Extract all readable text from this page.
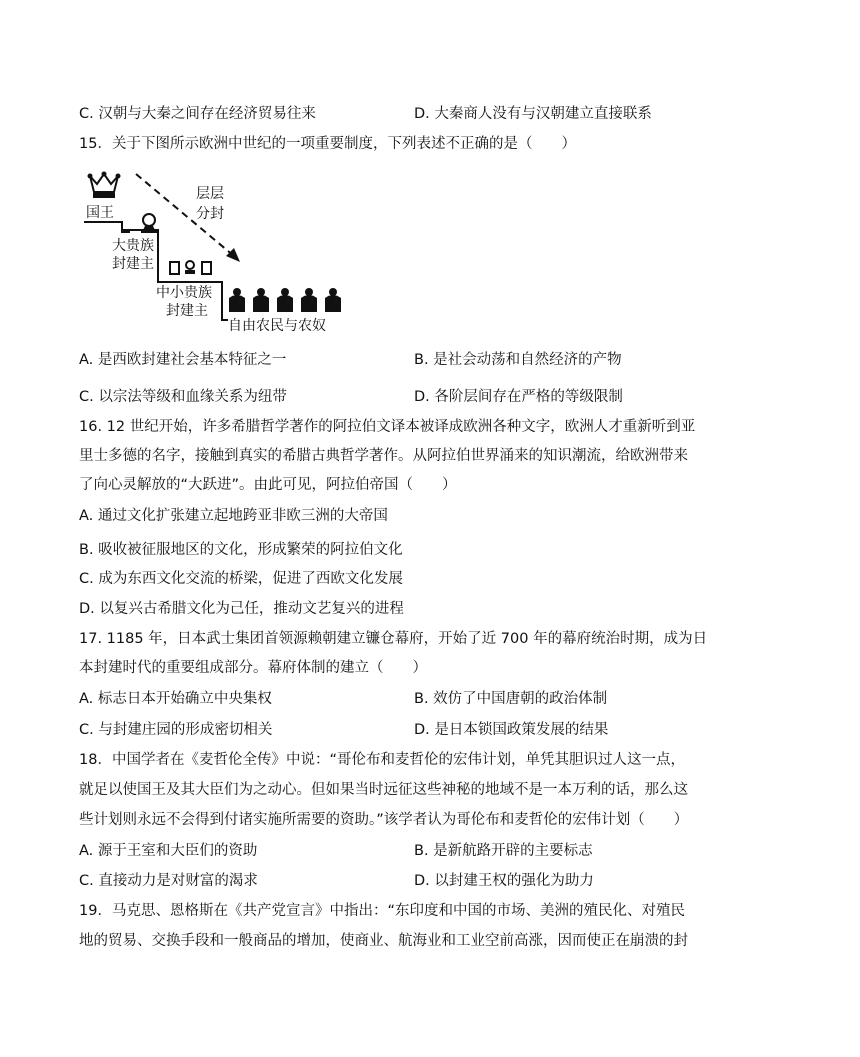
C. 汉朝与大秦之间存在经济贸易往来	D. 大秦商人没有与汉朝建立直接联系
15．关于下图所示欧洲中世纪的一项重要制度，下列表述不正确的是（　　）
国王
大贵族
封建主
中小贵族
封建主
自由农民与农奴
层层
分封
A. 是西欧封建社会基本特征之一	B. 是社会动荡和自然经济的产物
C. 以宗法等级和血缘关系为纽带	D. 各阶层间存在严格的等级限制
16. 12 世纪开始，许多希腊哲学著作的阿拉伯文译本被译成欧洲各种文字，欧洲人才重新听到亚
里士多德的名字，接触到真实的希腊古典哲学著作。从阿拉伯世界涌来的知识潮流，给欧洲带来
了向心灵解放的“大跃进”。由此可见，阿拉伯帝国（　　）
A. 通过文化扩张建立起地跨亚非欧三洲的大帝国
B. 吸收被征服地区的文化，形成繁荣的阿拉伯文化
C. 成为东西文化交流的桥梁，促进了西欧文化发展
D. 以复兴古希腊文化为己任，推动文艺复兴的进程
17. 1185 年，日本武士集团首领源赖朝建立镰仓幕府，开始了近 700 年的幕府统治时期，成为日
本封建时代的重要组成部分。幕府体制的建立（　　）
A. 标志日本开始确立中央集权	B. 效仿了中国唐朝的政治体制
C. 与封建庄园的形成密切相关	D. 是日本锁国政策发展的结果
18．中国学者在《麦哲伦全传》中说：“哥伦布和麦哲伦的宏伟计划，单凭其胆识过人这一点，
就足以使国王及其大臣们为之动心。但如果当时远征这些神秘的地域不是一本万利的话，那么这
些计划则永远不会得到付诸实施所需要的资助。”该学者认为哥伦布和麦哲伦的宏伟计划（　　）
A. 源于王室和大臣们的资助	B. 是新航路开辟的主要标志
C. 直接动力是对财富的渴求	D. 以封建王权的强化为助力
19．马克思、恩格斯在《共产党宣言》中指出：“东印度和中国的市场、美洲的殖民化、对殖民
地的贸易、交换手段和一般商品的增加，使商业、航海业和工业空前高涨，因而使正在崩溃的封
